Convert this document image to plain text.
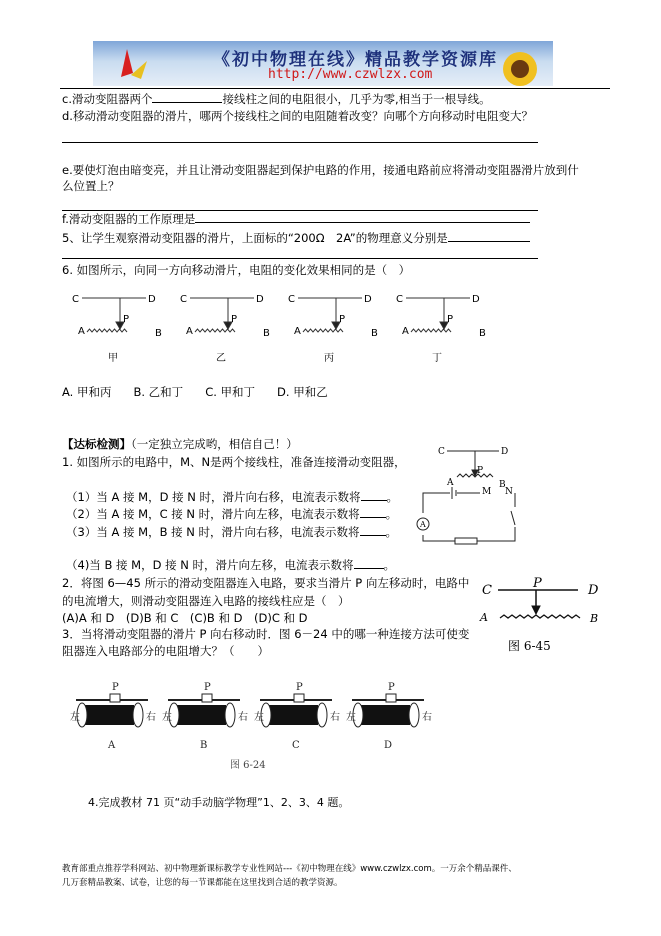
《初中物理在线》精品教学资源库
http://www.czwlzx.com
c.滑动变阻器两个	接线柱之间的电阻很小，几乎为零,相当于一根导线。
d.移动滑动变阻器的滑片，哪两个接线柱之间的电阻随着改变？向哪个方向移动时电阻变大？
e.要使灯泡由暗变亮，并且让滑动变阻器起到保护电路的作用，接通电路前应将滑动变阻器滑片放到什
么位置上？
f.滑动变阻器的工作原理是
5、让学生观察滑动变阻器的滑片，上面标的“200Ω　2A”的物理意义分别是
6. 如图所示，向同一方向移动滑片，电阻的变化效果相同的是（　）
C	D
P
A	B
甲
C	D
P
A	B
乙
C	D
P
A	B
丙
C	D
P
A	B
丁
A. 甲和丙 B. 乙和丁 C. 甲和丁 D. 甲和乙
【达标检测】（一定独立完成哟，相信自己！）
1. 如图所示的电路中，M、N是两个接线柱，准备连接滑动变阻器，
（1）当 A 接 M，D 接 N 时，滑片向右移，电流表示数将 。
（2）当 A 接 M，C 接 N 时，滑片向左移，电流表示数将 。
（3）当 A 接 M，B 接 N 时，滑片向右移，电流表示数将 。
（4)当 B 接 M，D 接 N 时，滑片向左移，电流表示数将	。
C	D
P
A	B
M N
A
2．将图 6—45 所示的滑动变阻器连入电路，要求当滑片 P 向左移动时，电路中
的电流增大，则滑动变阻器连入电路的接线柱应是（　）
(A)A 和 D　(D)B 和 C　(C)B 和 D　(D)C 和 D
3．当将滑动变阻器的滑片 P 向右移动时．图 6－24 中的哪一种连接方法可使变
阻器连入电路部分的电阻增大？（　　）
C	P	D
A	B
图 6-45
P
左	右
A
P
左	右
B
P
左	右
C
P
左	右
D
图 6-24
4.完成教材 71 页“动手动脑学物理”1、2、3、4 题。
教育部重点推荐学科网站、初中物理新课标教学专业性网站---《初中物理在线》www.czwlzx.com。一万余个精品课件、
几万套精品教案、试卷，让您的每一节课都能在这里找到合适的教学资源。
